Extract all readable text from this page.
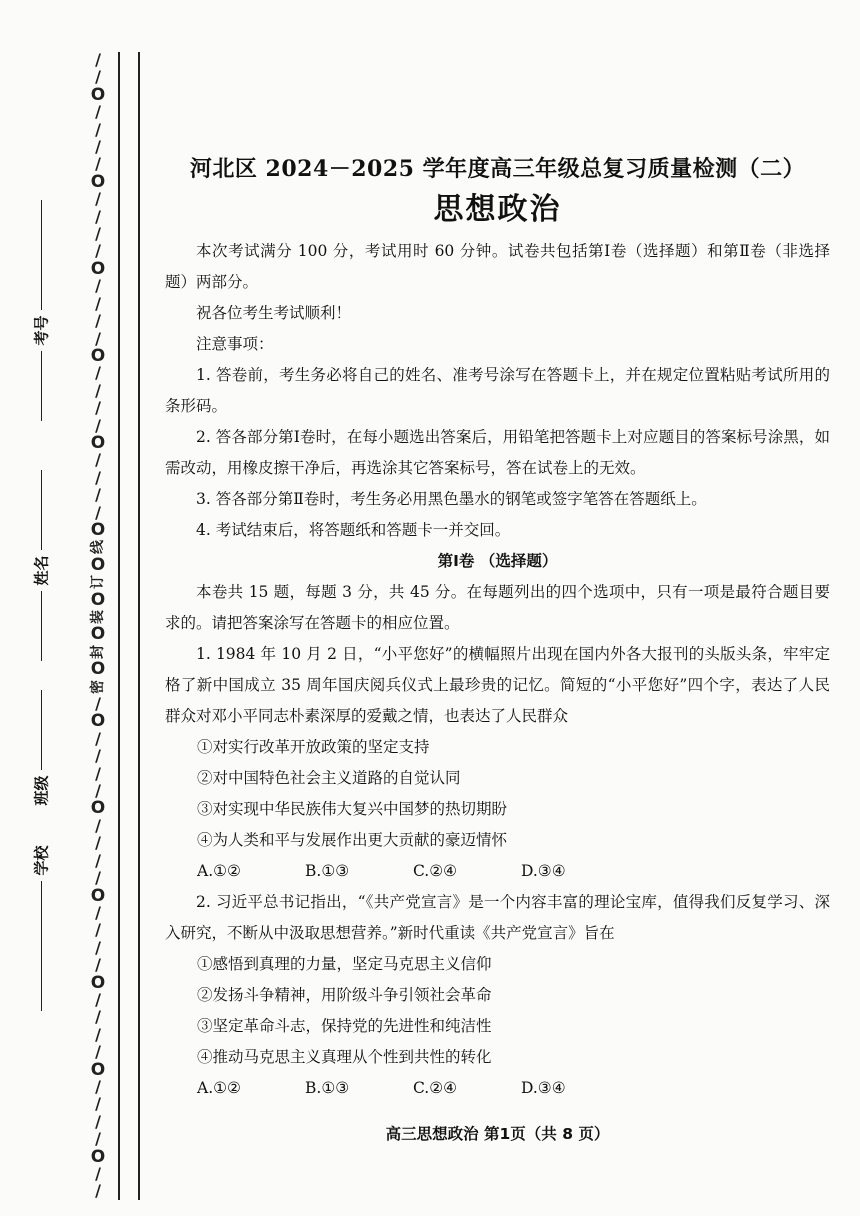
/
/
O
/
/
/
/
O
/
/
/
/
O
/
/
/
/
O
/
/
/
/
O
/
/
/
/
O
线
O
订
O
装
O
封
O
密
/
O
/
/
/
/
O
/
/
/
/
O
/
/
/
/
O
/
/
/
/
O
/
/
/
/
O
/
/
考号
姓名
班级
学校
河北区 2024－2025 学年度高三年级总复习质量检测（二）
思想政治

本次考试满分 100 分，考试用时 60 分钟。试卷共包括第Ⅰ卷（选择题）和第Ⅱ卷（非选择题）两部分。

祝各位考生考试顺利！

注意事项：

1. 答卷前，考生务必将自己的姓名、准考号涂写在答题卡上，并在规定位置粘贴考试所用的条形码。

2. 答各部分第Ⅰ卷时，在每小题选出答案后，用铅笔把答题卡上对应题目的答案标号涂黑，如需改动，用橡皮擦干净后，再选涂其它答案标号，答在试卷上的无效。

3. 答各部分第Ⅱ卷时，考生务必用黑色墨水的钢笔或签字笔答在答题纸上。

4. 考试结束后，将答题纸和答题卡一并交回。

第Ⅰ卷 （选择题）

本卷共 15 题，每题 3 分，共 45 分。在每题列出的四个选项中，只有一项是最符合题目要求的。请把答案涂写在答题卡的相应位置。

1. 1984 年 10 月 2 日，“小平您好”的横幅照片出现在国内外各大报刊的头版头条，牢牢定格了新中国成立 35 周年国庆阅兵仪式上最珍贵的记忆。简短的“小平您好”四个字，表达了人民群众对邓小平同志朴素深厚的爱戴之情，也表达了人民群众

①对实行改革开放政策的坚定支持

②对中国特色社会主义道路的自觉认同

③对实现中华民族伟大复兴中国梦的热切期盼

④为人类和平与发展作出更大贡献的豪迈情怀

A.①②	B.①③	C.②④	D.③④

2. 习近平总书记指出，“《共产党宣言》是一个内容丰富的理论宝库，值得我们反复学习、深入研究，不断从中汲取思想营养。”新时代重读《共产党宣言》旨在

①感悟到真理的力量，坚定马克思主义信仰

②发扬斗争精神，用阶级斗争引领社会革命

③坚定革命斗志，保持党的先进性和纯洁性

④推动马克思主义真理从个性到共性的转化

A.①②	B.①③	C.②④	D.③④
高三思想政治 第1页（共 8 页）
